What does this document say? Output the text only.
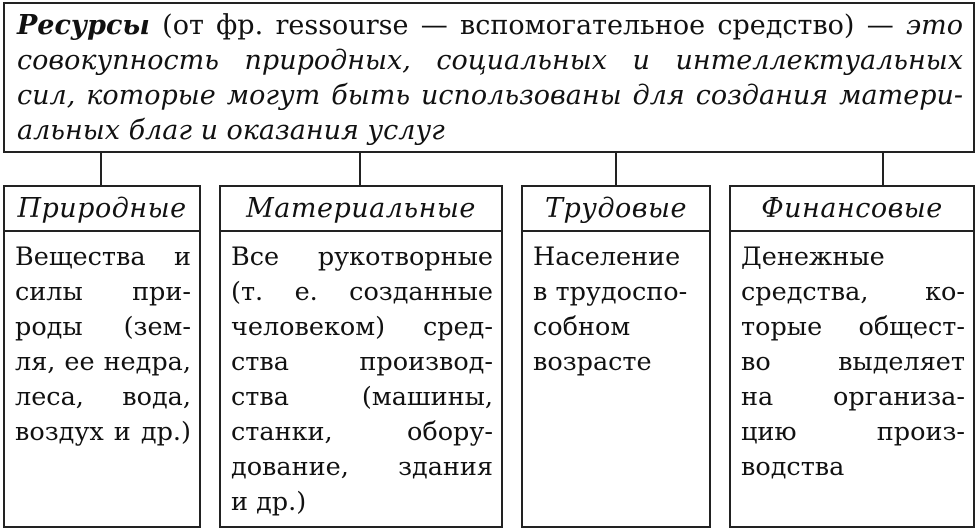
Ресурсы (от фр. ressourse — вспомогательное средство) — это
совокупность природных, социальных и интеллектуальных
сил, которые могут быть использованы для создания матери-
альных благ и оказания услуг
Природные	Материальные	Трудовые	Финансовые
Вещества и
силы при-
роды (зем-
ля, ее недра,
леса, вода,
воздух и др.)
Все рукотворные
(т. е. созданные
человеком) сред-
ства производ-
ства (машины,
станки, обору-
дование, здания
и др.)
Население
в трудоспо-
собном
возрасте
Денежные
средства, ко-
торые общест-
во выделяет
на организа-
цию произ-
водства
